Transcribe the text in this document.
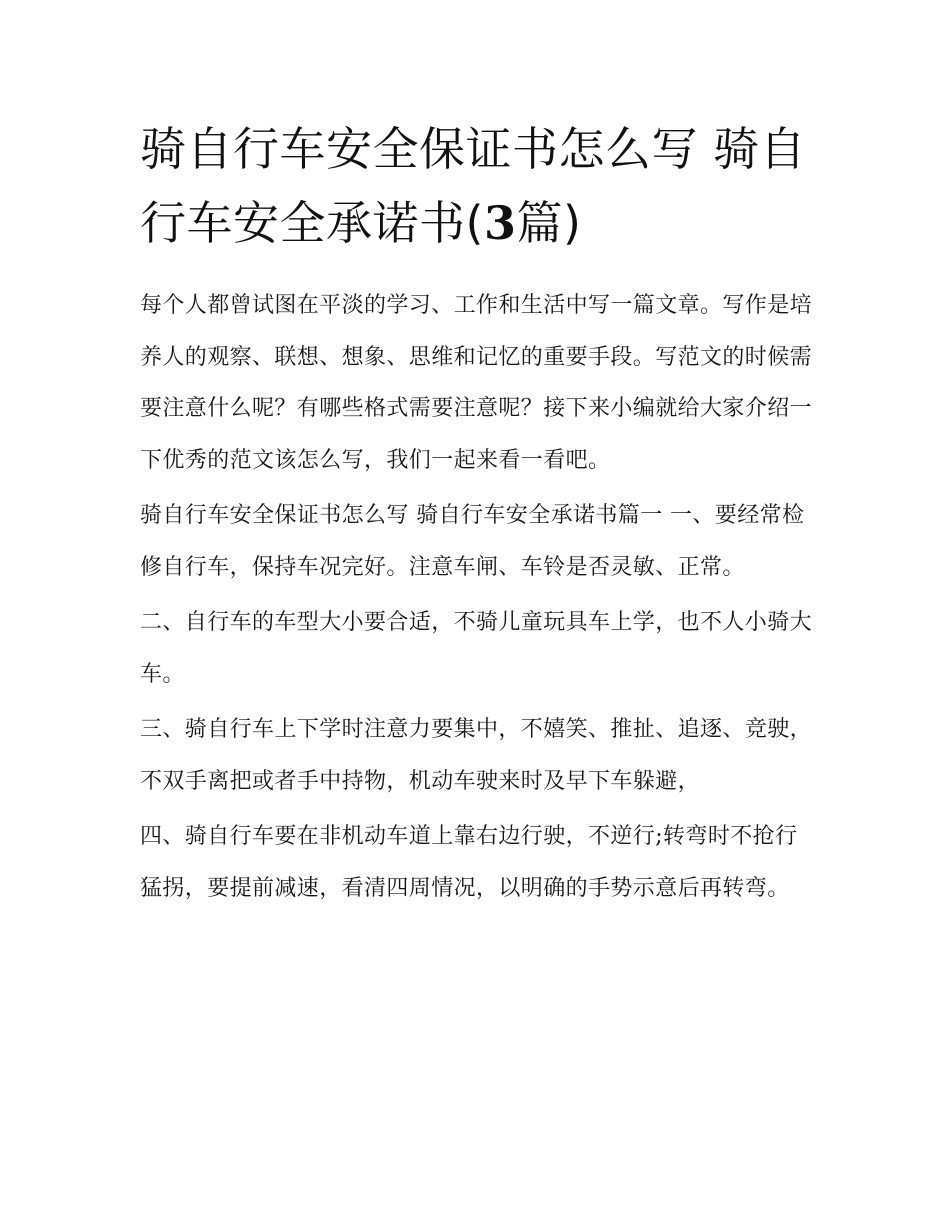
骑自行车安全保证书怎么写 骑自行车安全承诺书(3篇)

每个人都曾试图在平淡的学习、工作和生活中写一篇文章。写作是培养人的观察、联想、想象、思维和记忆的重要手段。写范文的时候需要注意什么呢？有哪些格式需要注意呢？接下来小编就给大家介绍一下优秀的范文该怎么写，我们一起来看一看吧。

骑自行车安全保证书怎么写 骑自行车安全承诺书篇一 一、要经常检修自行车，保持车况完好。注意车闸、车铃是否灵敏、正常。

二、自行车的车型大小要合适，不骑儿童玩具车上学，也不人小骑大车。

三、骑自行车上下学时注意力要集中，不嬉笑、推扯、追逐、竞驶，不双手离把或者手中持物，机动车驶来时及早下车躲避，

四、骑自行车要在非机动车道上靠右边行驶，不逆行;转弯时不抢行猛拐，要提前减速，看清四周情况，以明确的手势示意后再转弯。
